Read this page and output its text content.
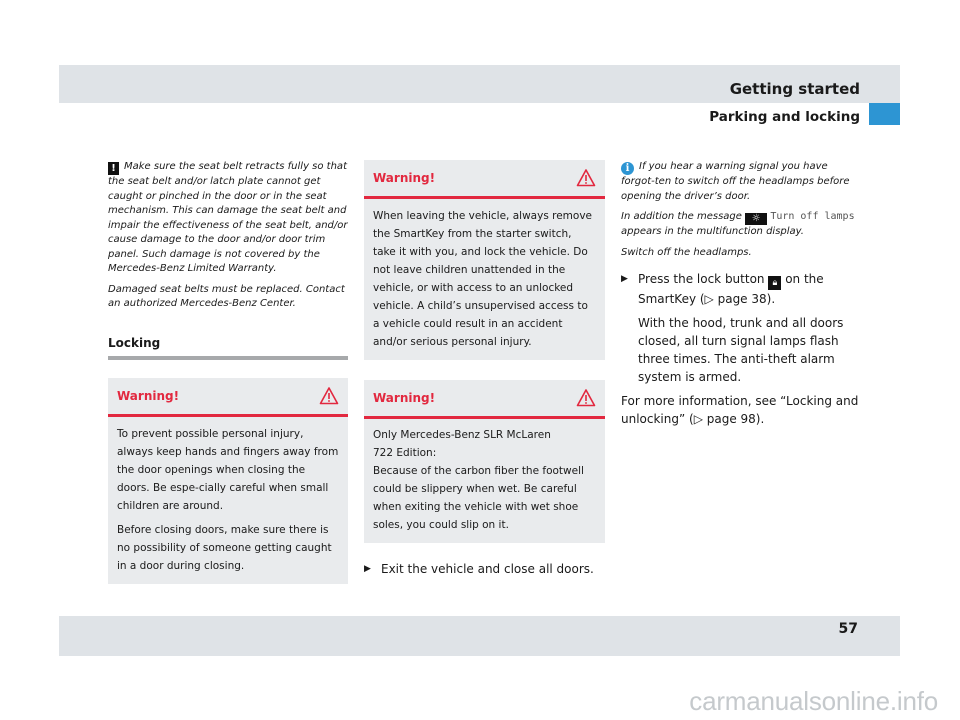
Getting started
Parking and locking

! Make sure the seat belt retracts fully so that the seat belt and/or latch plate cannot get caught or pinched in the door or in the seat mechanism. This can damage the seat belt and impair the effectiveness of the seat belt, and/or cause damage to the door and/or door trim panel. Such damage is not covered by the Mercedes-Benz Limited Warranty.

Damaged seat belts must be replaced. Contact an authorized Mercedes-Benz Center.

Locking
Warning!

To prevent possible personal injury, always keep hands and fingers away from the door openings when closing the doors. Be espe-cially careful when small children are around.

Before closing doors, make sure there is no possibility of someone getting caught in a door during closing.

Warning!

When leaving the vehicle, always remove the SmartKey from the starter switch, take it with you, and lock the vehicle. Do not leave children unattended in the vehicle, or with access to an unlocked vehicle. A child’s unsupervised access to a vehicle could result in an accident and/or serious personal injury.

Warning!
Only Mercedes-Benz SLR McLaren
722 Edition:
Because of the carbon fiber the footwell could be slippery when wet. Be careful when exiting the vehicle with wet shoe soles, you could slip on it.
▶ Exit the vehicle and close all doors.

i If you hear a warning signal you have forgot-ten to switch off the headlamps before opening the driver’s door.

In addition the message ☼ Turn off lamps appears in the multifunction display.

Switch off the headlamps.

▶ Press the lock button 🔒︎ on the SmartKey (▷ page 38).
With the hood, trunk and all doors closed, all turn signal lamps flash three times. The anti-theft alarm system is armed.
For more information, see “Locking and unlocking” (▷ page 98).
57
carmanualsonline.info
